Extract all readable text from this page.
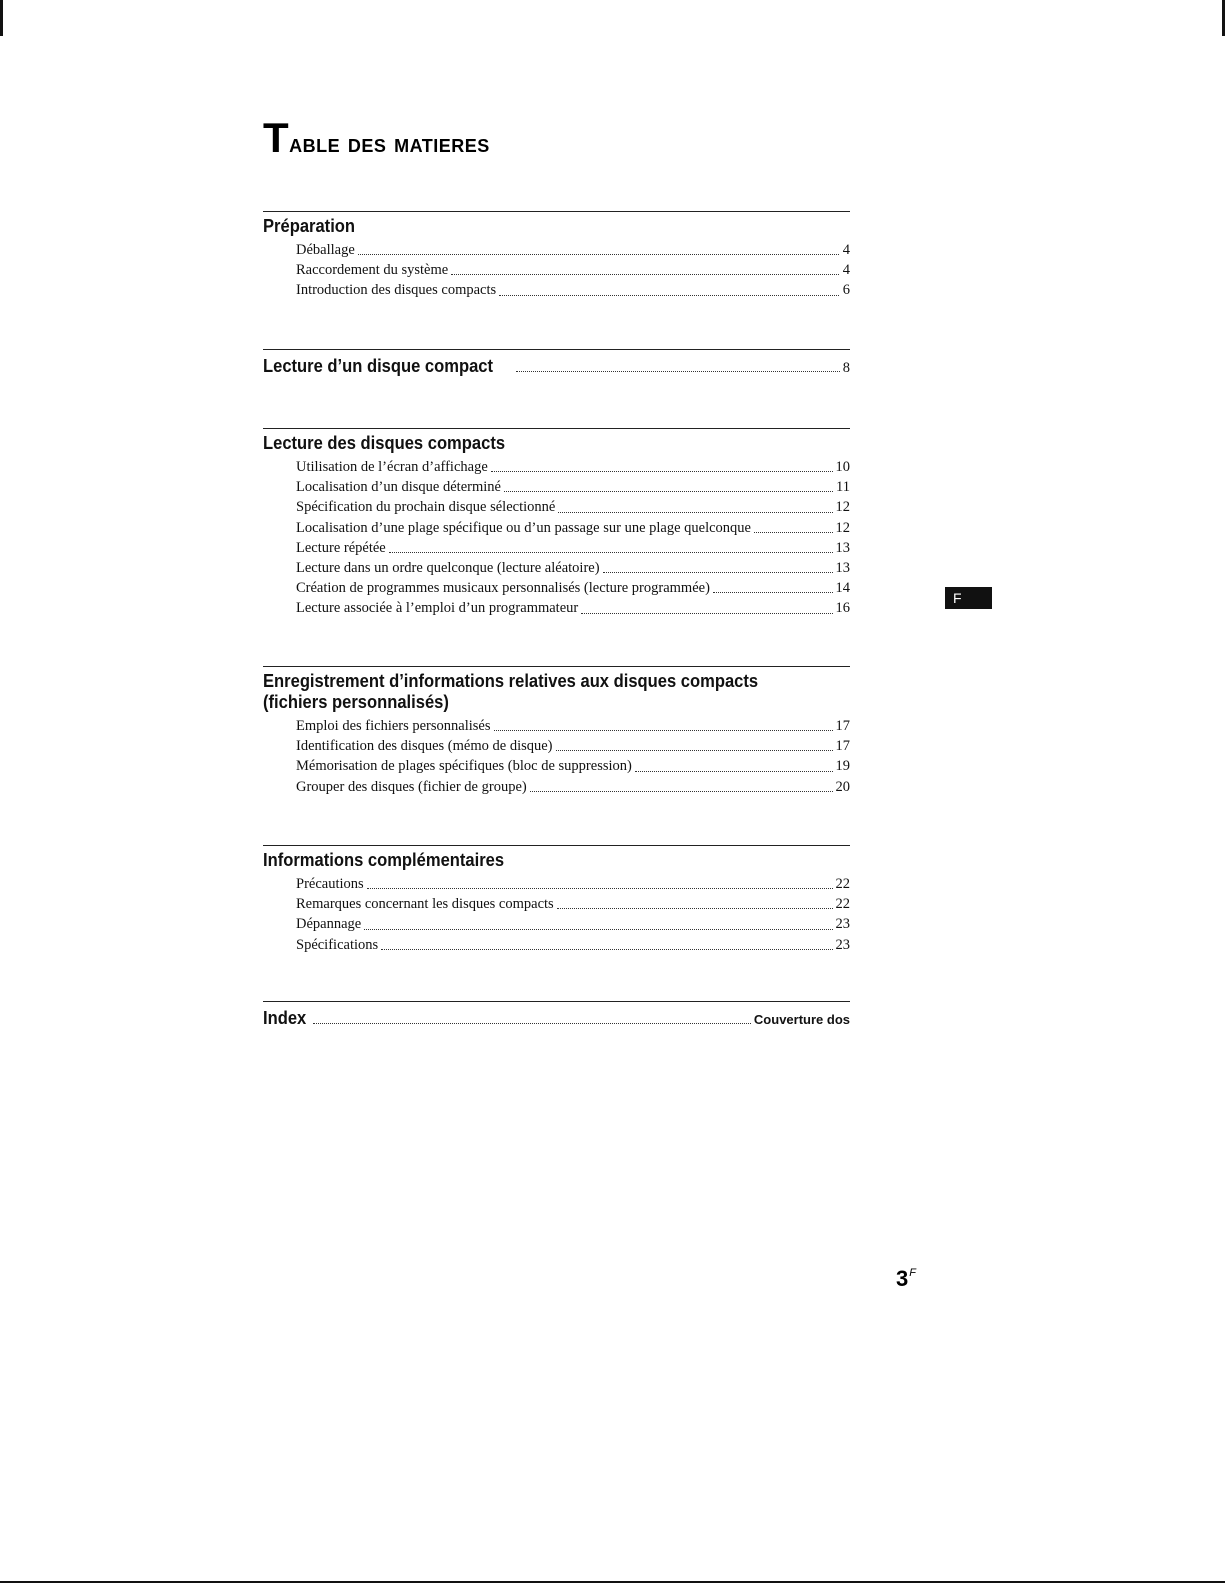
Table des matieres
Préparation
Déballage	4
Raccordement du système	4
Introduction des disques compacts	6
Lecture d’un disque compact	8
Lecture des disques compacts
Utilisation de l’écran d’affichage	10
Localisation d’un disque déterminé	11
Spécification du prochain disque sélectionné	12
Localisation d’une plage spécifique ou d’un passage sur une plage quelconque	12
Lecture répétée	13
Lecture dans un ordre quelconque (lecture aléatoire)	13
Création de programmes musicaux personnalisés (lecture programmée)	14
Lecture associée à l’emploi d’un programmateur	16
Enregistrement d’informations relatives aux disques compacts
(fichiers personnalisés)
Emploi des fichiers personnalisés	17
Identification des disques (mémo de disque)	17
Mémorisation de plages spécifiques (bloc de suppression)	19
Grouper des disques (fichier de groupe)	20
Informations complémentaires
Précautions	22
Remarques concernant les disques compacts	22
Dépannage	23
Spécifications	23
Index	Couverture dos
F
$3^F$
